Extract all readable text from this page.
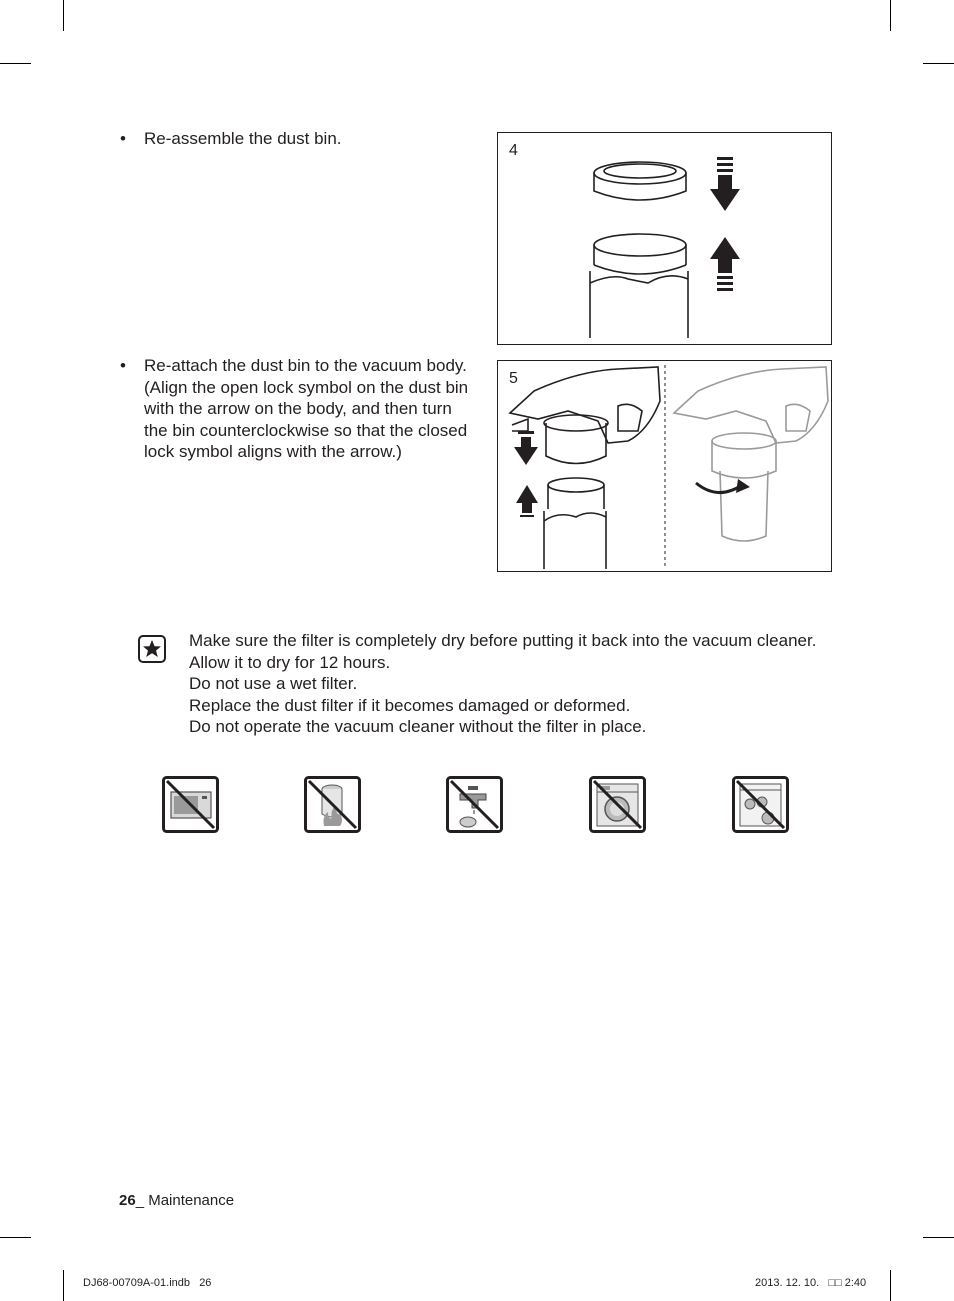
• Re-assemble the dust bin.
4
• Re-attach the dust bin to the vacuum body.
(Align the open lock symbol on the dust bin with the arrow on the body, and then turn the bin counterclockwise so that the closed lock symbol aligns with the arrow.)
5
Make sure the filter is completely dry before putting it back into the vacuum cleaner.
Allow it to dry for 12 hours.
Do not use a wet filter.
Replace the dust filter if it becomes damaged or deformed.
Do not operate the vacuum cleaner without the filter in place.
26_ Maintenance
DJ68-00709A-01.indb   26	2013. 12. 10.   □□ 2:40
